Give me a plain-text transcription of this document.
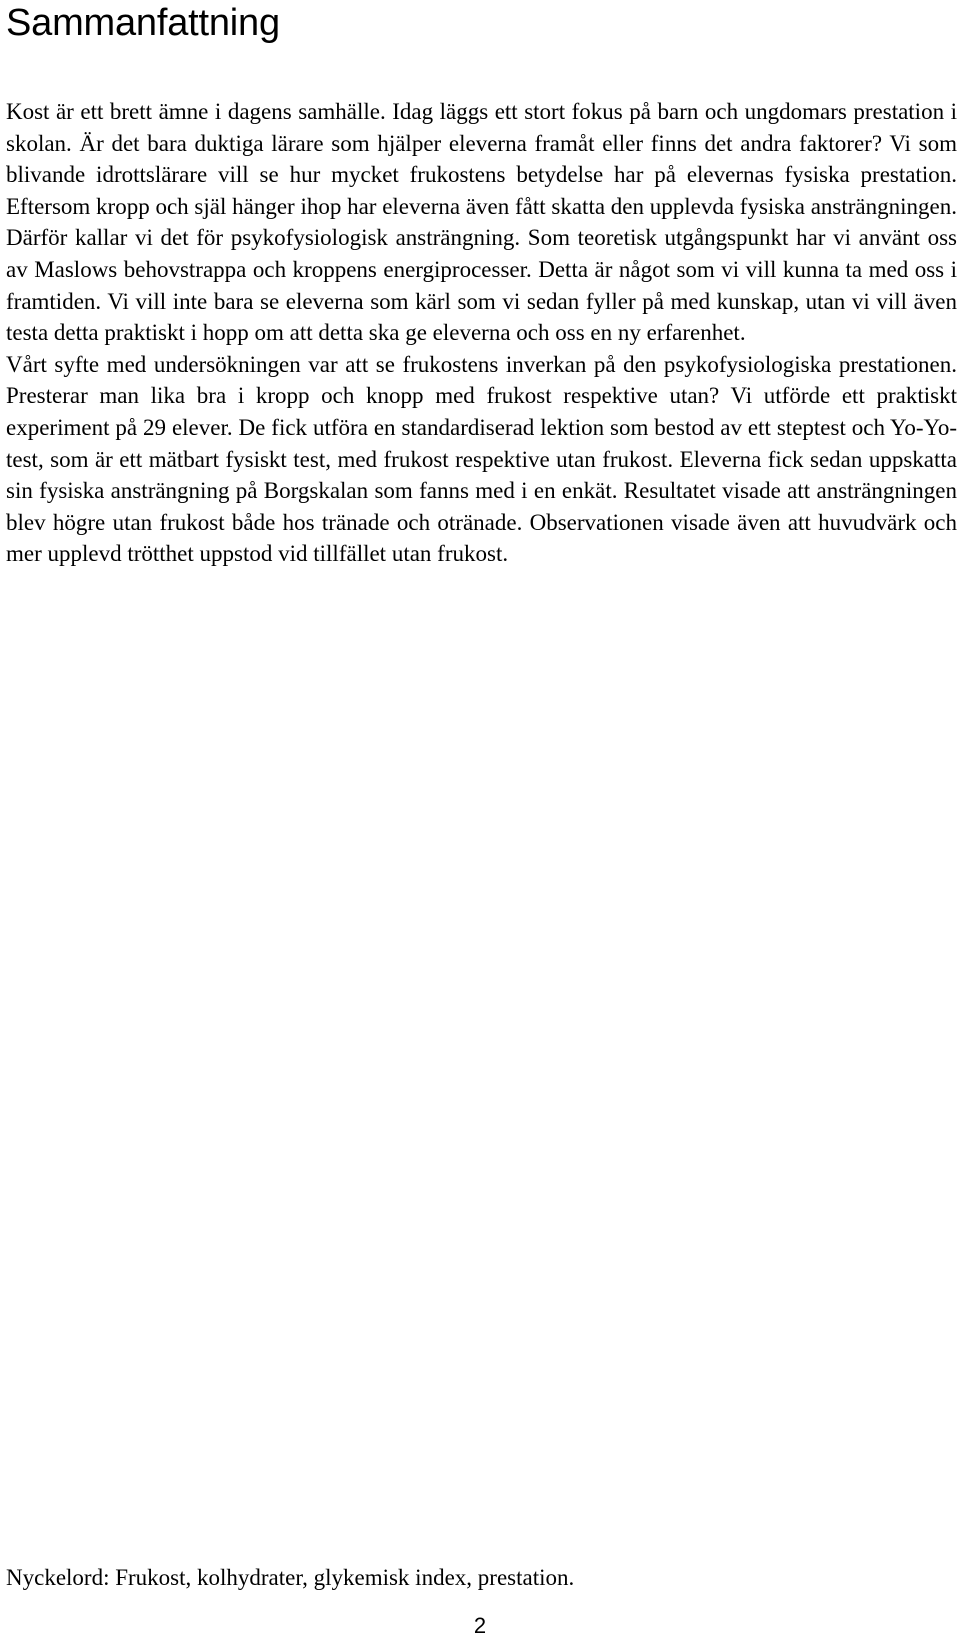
Sammanfattning

Kost är ett brett ämne i dagens samhälle. Idag läggs ett stort fokus på barn och ungdomars prestation i skolan. Är det bara duktiga lärare som hjälper eleverna framåt eller finns det andra faktorer? Vi som blivande idrottslärare vill se hur mycket frukostens betydelse har på elevernas fysiska prestation. Eftersom kropp och själ hänger ihop har eleverna även fått skatta den upplevda fysiska ansträngningen. Därför kallar vi det för psykofysiologisk ansträngning. Som teoretisk utgångspunkt har vi använt oss av Maslows behovstrappa och kroppens energiprocesser. Detta är något som vi vill kunna ta med oss i framtiden. Vi vill inte bara se eleverna som kärl som vi sedan fyller på med kunskap, utan vi vill även testa detta praktiskt i hopp om att detta ska ge eleverna och oss en ny erfarenhet.

Vårt syfte med undersökningen var att se frukostens inverkan på den psykofysiologiska prestationen. Presterar man lika bra i kropp och knopp med frukost respektive utan? Vi utförde ett praktiskt experiment på 29 elever. De fick utföra en standardiserad lektion som bestod av ett steptest och Yo-Yo-test, som är ett mätbart fysiskt test, med frukost respektive utan frukost. Eleverna fick sedan uppskatta sin fysiska ansträngning på Borgskalan som fanns med i en enkät. Resultatet visade att ansträngningen blev högre utan frukost både hos tränade och otränade. Observationen visade även att huvudvärk och mer upplevd trötthet uppstod vid tillfället utan frukost.

Nyckelord: Frukost, kolhydrater, glykemisk index, prestation.

2
